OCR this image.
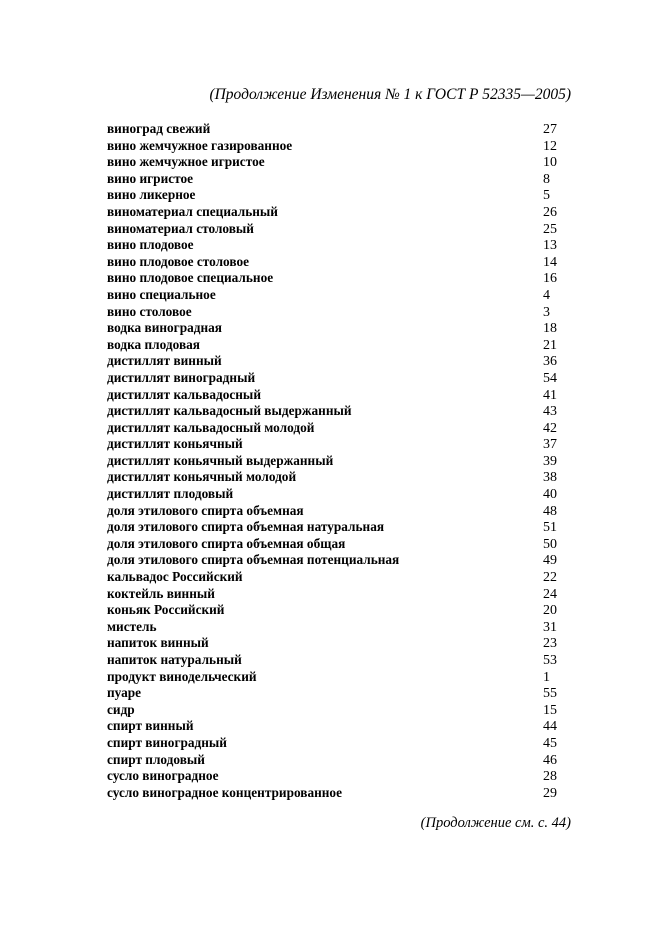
(Продолжение Изменения № 1 к ГОСТ Р 52335—2005)
виноград свежий	27
вино жемчужное газированное	12
вино жемчужное игристое	10
вино игристое	8
вино ликерное	5
виноматериал специальный	26
виноматериал столовый	25
вино плодовое	13
вино плодовое столовое	14
вино плодовое специальное	16
вино специальное	4
вино столовое	3
водка виноградная	18
водка плодовая	21
дистиллят винный	36
дистиллят виноградный	54
дистиллят кальвадосный	41
дистиллят кальвадосный выдержанный	43
дистиллят кальвадосный молодой	42
дистиллят коньячный	37
дистиллят коньячный выдержанный	39
дистиллят коньячный молодой	38
дистиллят плодовый	40
доля этилового спирта объемная	48
доля этилового спирта объемная натуральная	51
доля этилового спирта объемная общая	50
доля этилового спирта объемная потенциальная	49
кальвадос Российский	22
коктейль винный	24
коньяк Российский	20
мистель	31
напиток винный	23
напиток натуральный	53
продукт винодельческий	1
пуаре	55
сидр	15
спирт винный	44
спирт виноградный	45
спирт плодовый	46
сусло виноградное	28
сусло виноградное концентрированное	29
(Продолжение см. с. 44)
